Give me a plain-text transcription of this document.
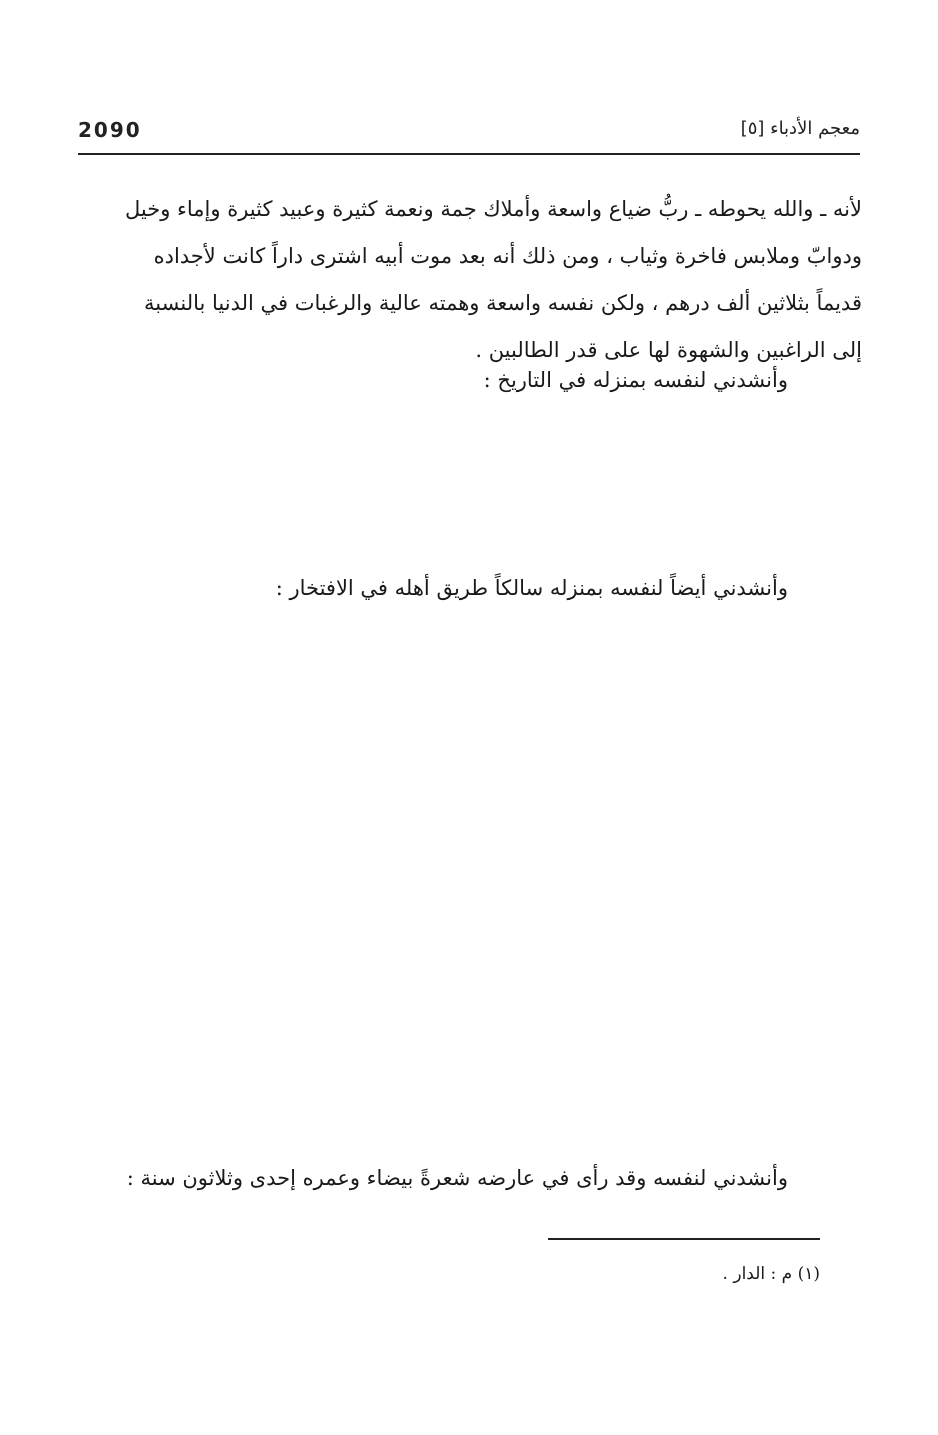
2090	معجم الأدباء [٥]

لأنه ـ والله يحوطه ـ ربُّ ضياع واسعة وأملاك جمة ونعمة كثيرة وعبيد كثيرة وإماء وخيل

ودوابّ وملابس فاخرة وثياب ، ومن ذلك أنه بعد موت أبيه اشترى داراً كانت لأجداده

قديماً بثلاثين ألف درهم ، ولكن نفسه واسعة وهمته عالية والرغبات في الدنيا بالنسبة

إلى الراغبين والشهوة لها على قدر الطالبين .

وأنشدني لنفسه بمنزله في التاريخ :
وأنشدني أيضاً لنفسه بمنزله سالكاً طريق أهله في الافتخار :
وأنشدني لنفسه وقد رأى في عارضه شعرةً بيضاء وعمره إحدى وثلاثون سنة :
(١) م : الدار .
